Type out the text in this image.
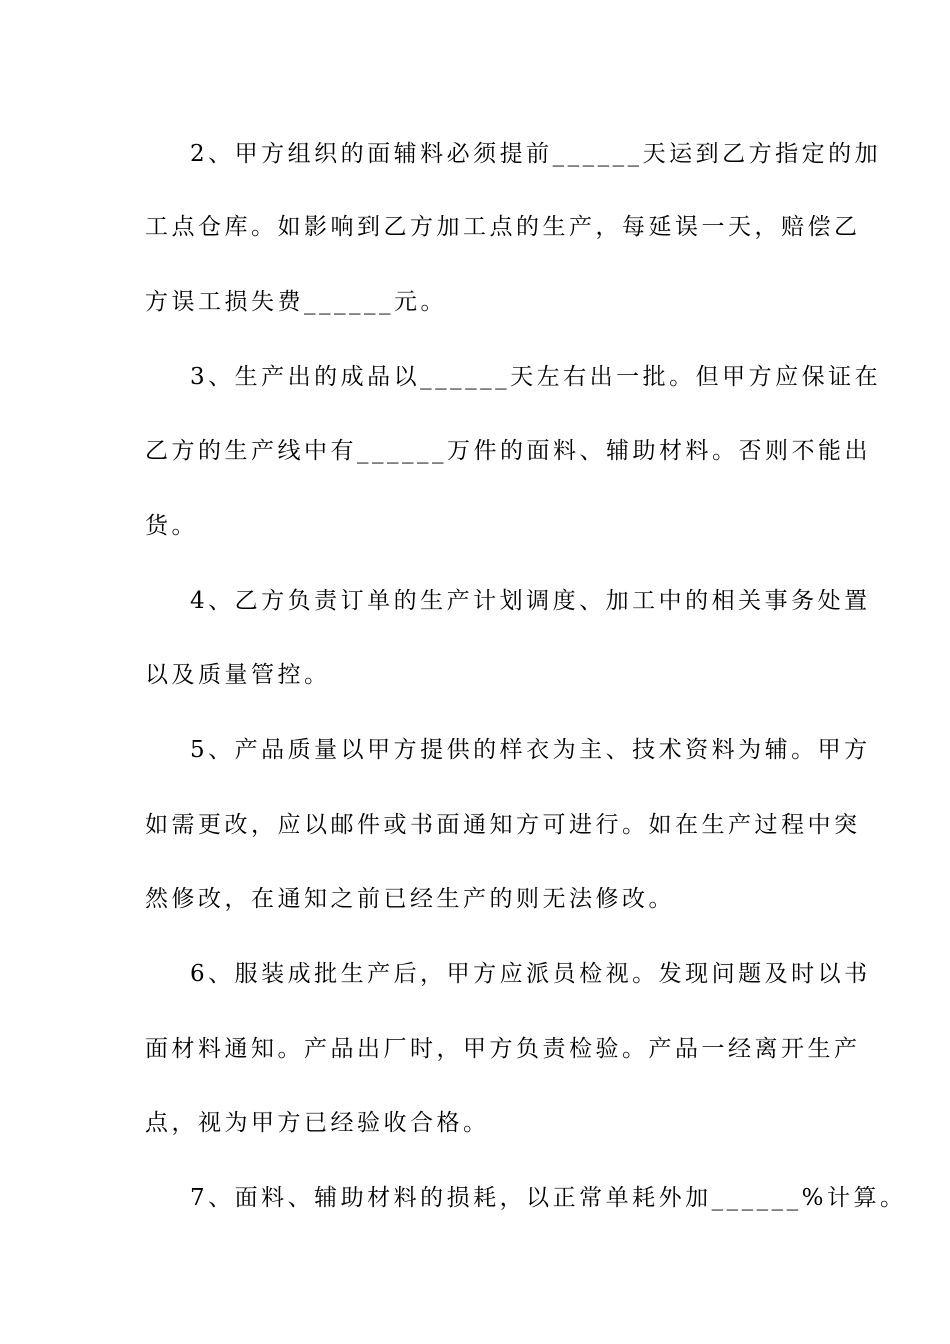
2、甲方组织的面辅料必须提前______天运到乙方指定的加
工点仓库。如影响到乙方加工点的生产，每延误一天，赔偿乙
方误工损失费______元。
3、生产出的成品以______天左右出一批。但甲方应保证在
乙方的生产线中有______万件的面料、辅助材料。否则不能出
货。
4、乙方负责订单的生产计划调度、加工中的相关事务处置
以及质量管控。
5、产品质量以甲方提供的样衣为主、技术资料为辅。甲方
如需更改，应以邮件或书面通知方可进行。如在生产过程中突
然修改，在通知之前已经生产的则无法修改。
6、服装成批生产后，甲方应派员检视。发现问题及时以书
面材料通知。产品出厂时，甲方负责检验。产品一经离开生产
点，视为甲方已经验收合格。
7、面料、辅助材料的损耗，以正常单耗外加______%计算。
